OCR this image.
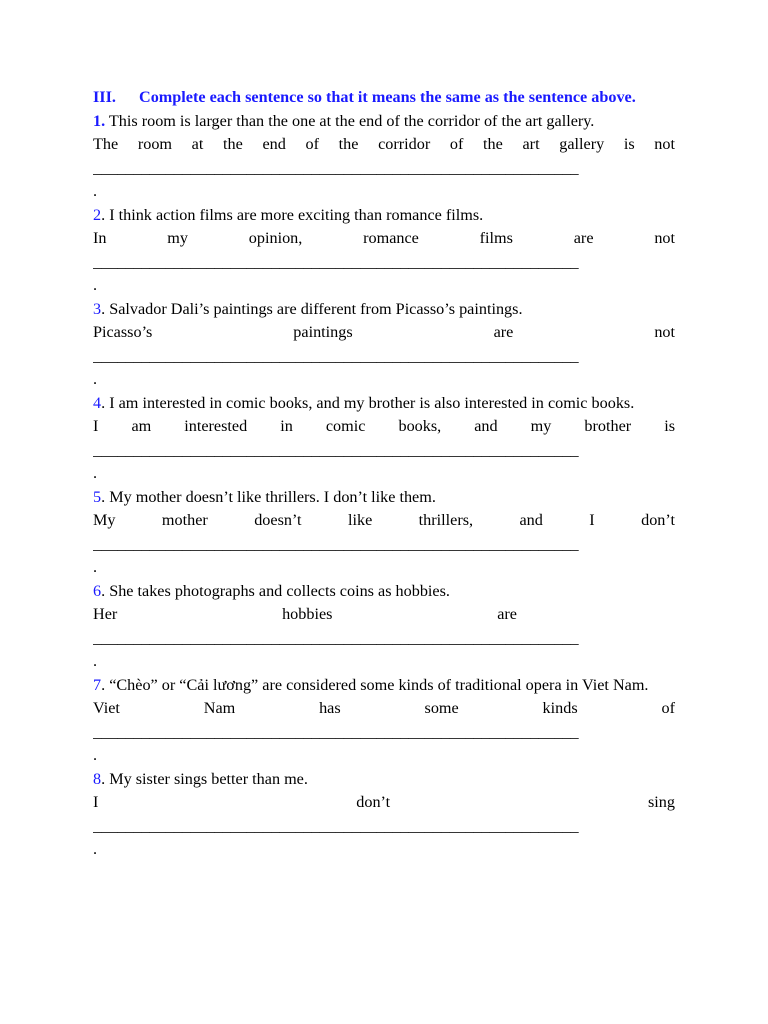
III. Complete each sentence so that it means the same as the sentence above.

1. This room is larger than the one at the end of the corridor of the art gallery.

The room at the end of the corridor of the art gallery is not

____________________________________________________________

.

2. I think action films are more exciting than romance films.

In my opinion, romance films are not

____________________________________________________________

.

3. Salvador Dali’s paintings are different from Picasso’s paintings.

Picasso’s paintings are not

____________________________________________________________

.

4. I am interested in comic books, and my brother is also interested in comic books.

I am interested in comic books, and my brother is

____________________________________________________________

.

5. My mother doesn’t like thrillers. I don’t like them.

My mother doesn’t like thrillers, and I don’t

____________________________________________________________

.

6. She takes photographs and collects coins as hobbies.

Her hobbies are

____________________________________________________________

.

7. “Chèo” or “Cải lương” are considered some kinds of traditional opera in Viet Nam.

Viet Nam has some kinds of

____________________________________________________________

.

8. My sister sings better than me.

I don’t sing

____________________________________________________________

.
